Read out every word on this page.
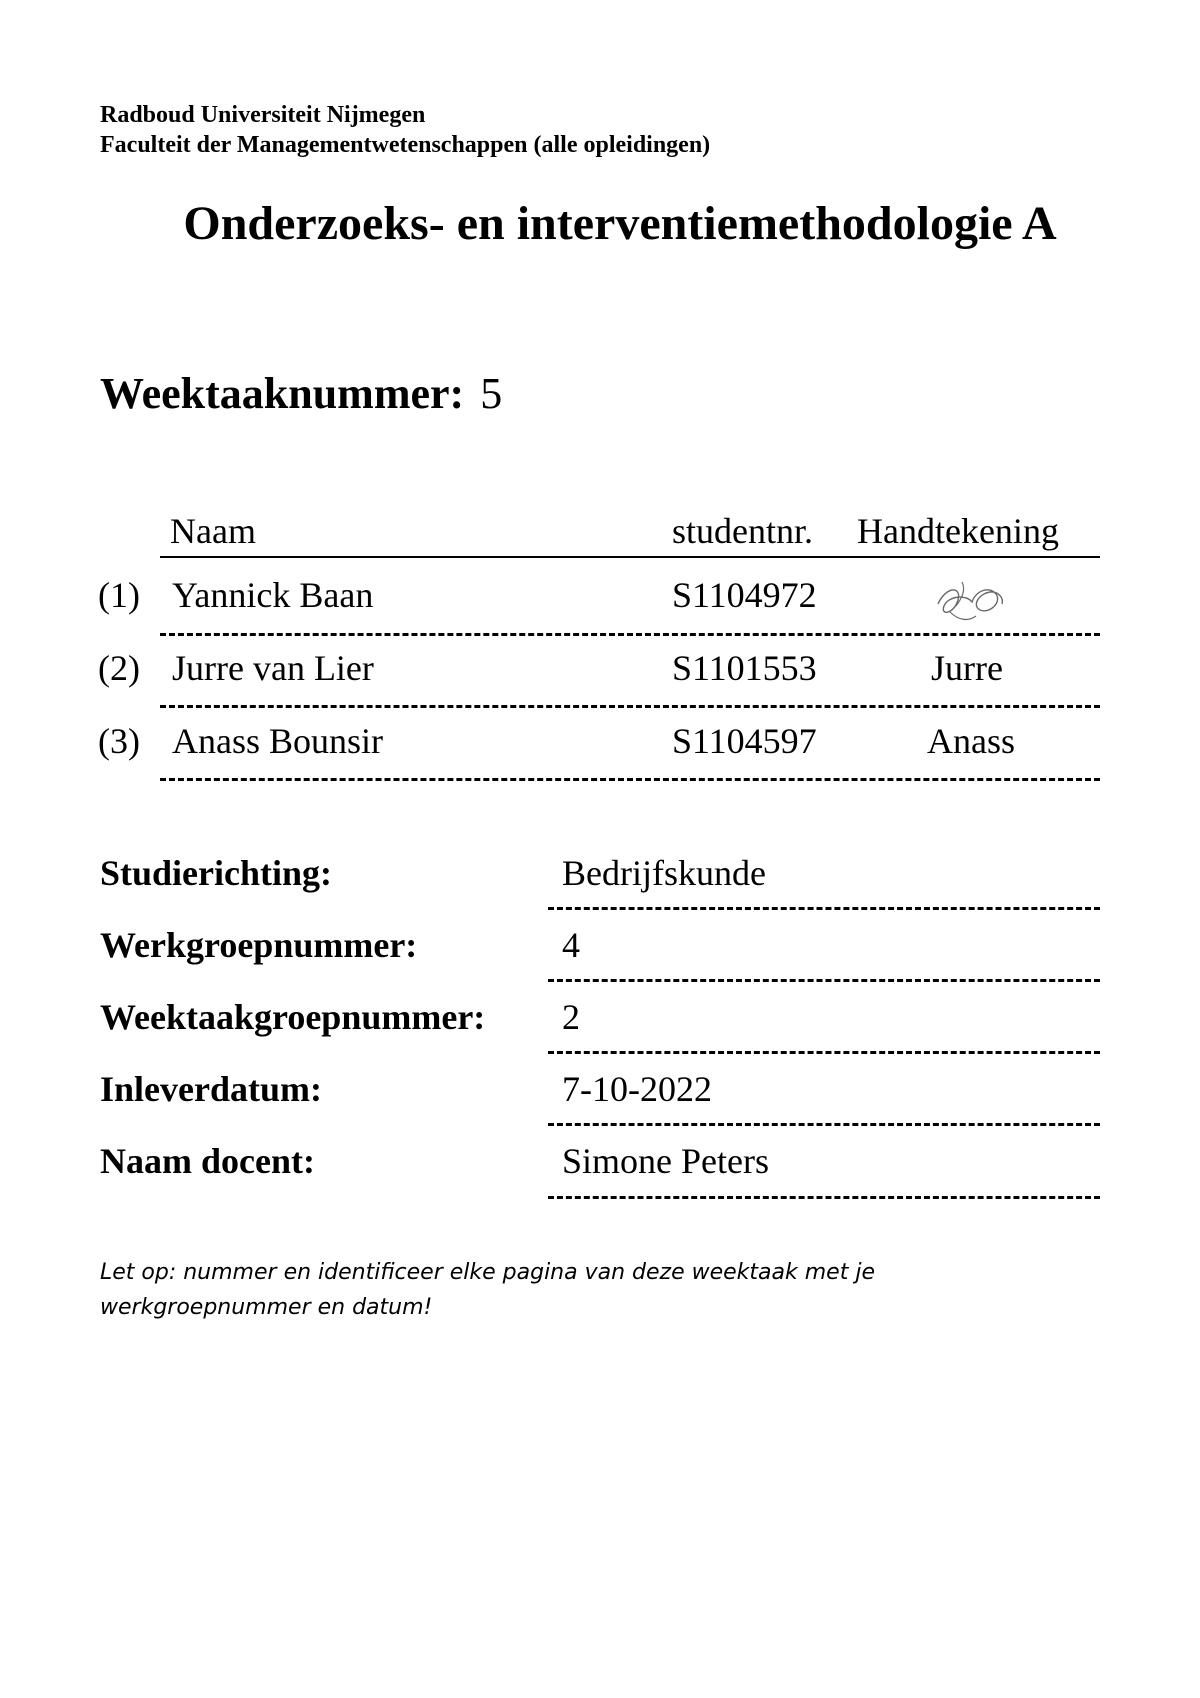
Radboud Universiteit Nijmegen
Faculteit der Managementwetenschappen (alle opleidingen)
Onderzoeks- en interventiemethodologie A
Weektaaknummer: 5
Naam	studentnr. Handtekening
(1) Yannick Baan	S1104972
(2) Jurre van Lier	S1101553	Jurre
(3) Anass Bounsir	S1104597	Anass
Studierichting:	Bedrijfskunde
Werkgroepnummer:	4
Weektaakgroepnummer: 2
Inleverdatum:	7-10-2022
Naam docent:	Simone Peters
Let op: nummer en identificeer elke pagina van deze weektaak met je werkgroepnummer en datum!
